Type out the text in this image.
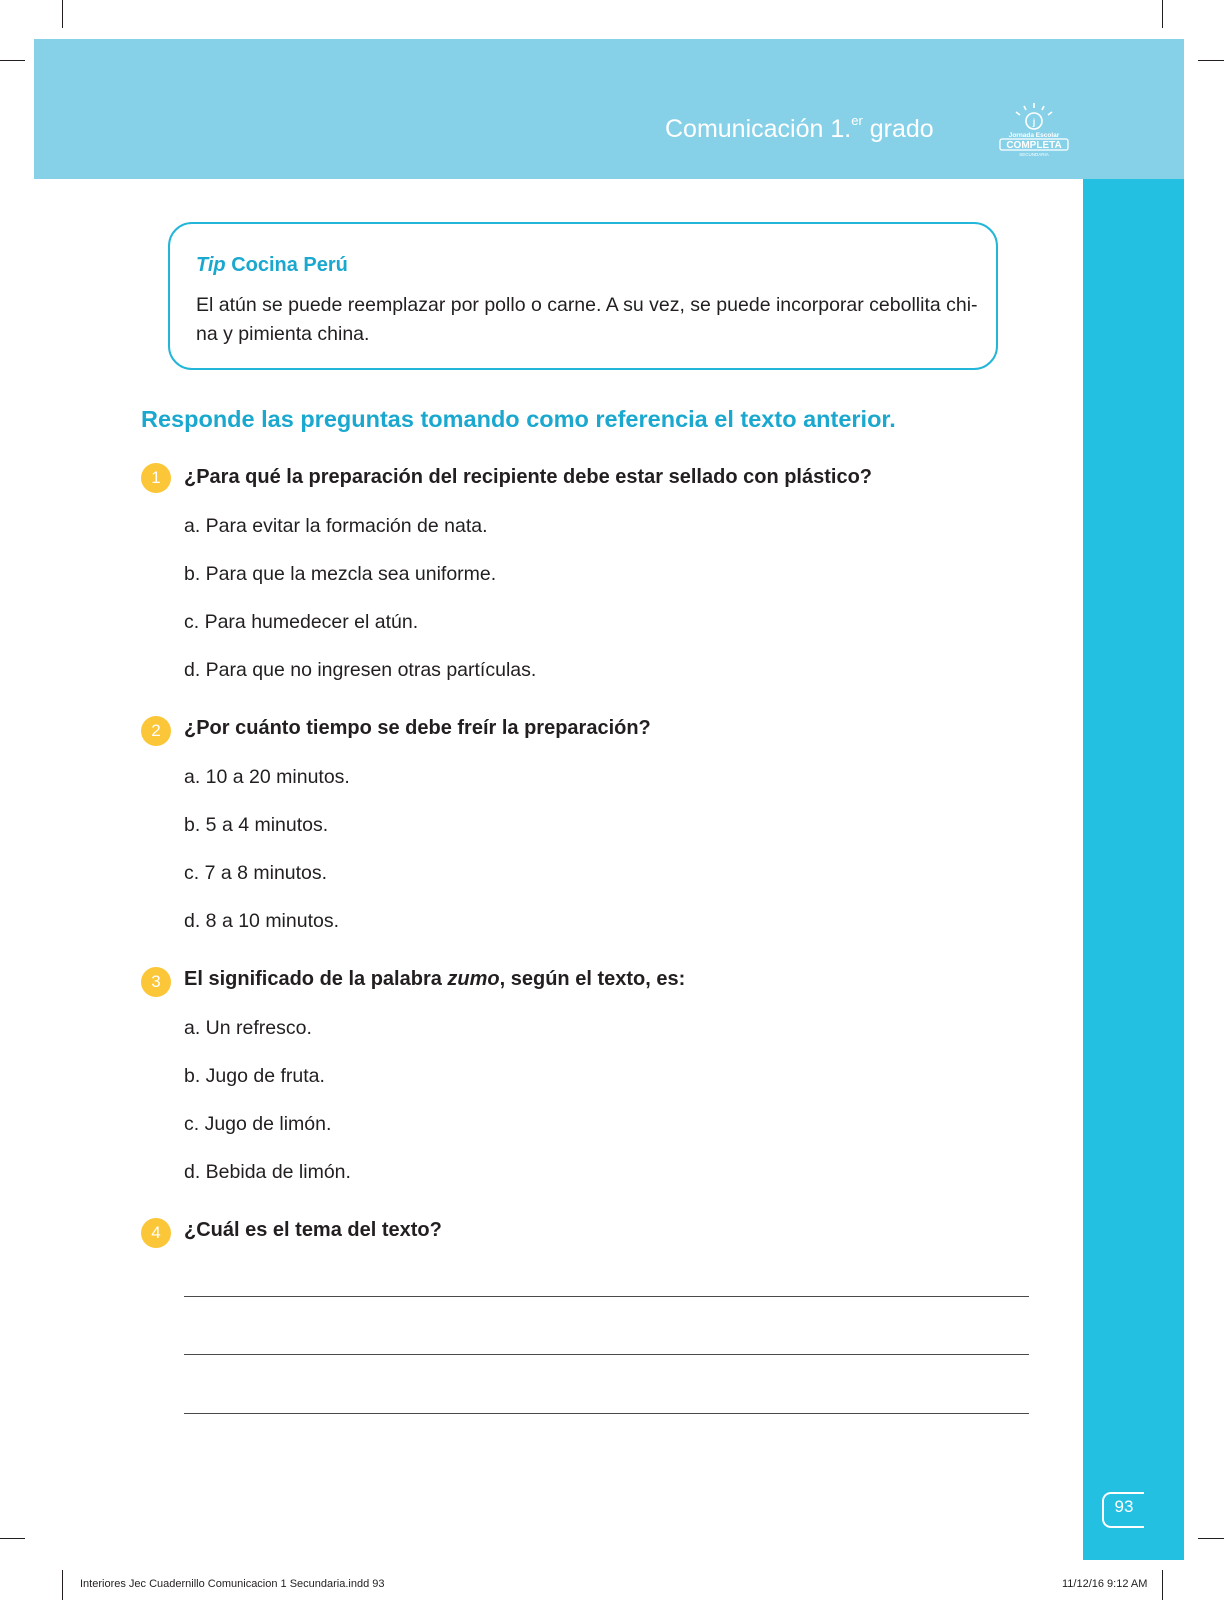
Comunicación 1.$^{er}$ grado	j
Jornada Escolar
COMPLETA
SECUNDARIA
93
Tip Cocina Perú
El atún se puede reemplazar por pollo o carne. A su vez, se puede incorporar cebollita chi-na y pimienta china.
Responde las preguntas tomando como referencia el texto anterior.
1	¿Para qué la preparación del recipiente debe estar sellado con plástico?
a. Para evitar la formación de nata.
b. Para que la mezcla sea uniforme.
c. Para humedecer el atún.
d. Para que no ingresen otras partículas.
2	¿Por cuánto tiempo se debe freír la preparación?
a. 10 a 20 minutos.
b. 5 a 4 minutos.
c. 7 a 8 minutos.
d. 8 a 10 minutos.
3	El significado de la palabra zumo, según el texto, es:
a. Un refresco.
b. Jugo de fruta.
c. Jugo de limón.
d. Bebida de limón.
4	¿Cuál es el tema del texto?
Interiores Jec Cuadernillo Comunicacion 1 Secundaria.indd 93	11/12/16 9:12 AM
